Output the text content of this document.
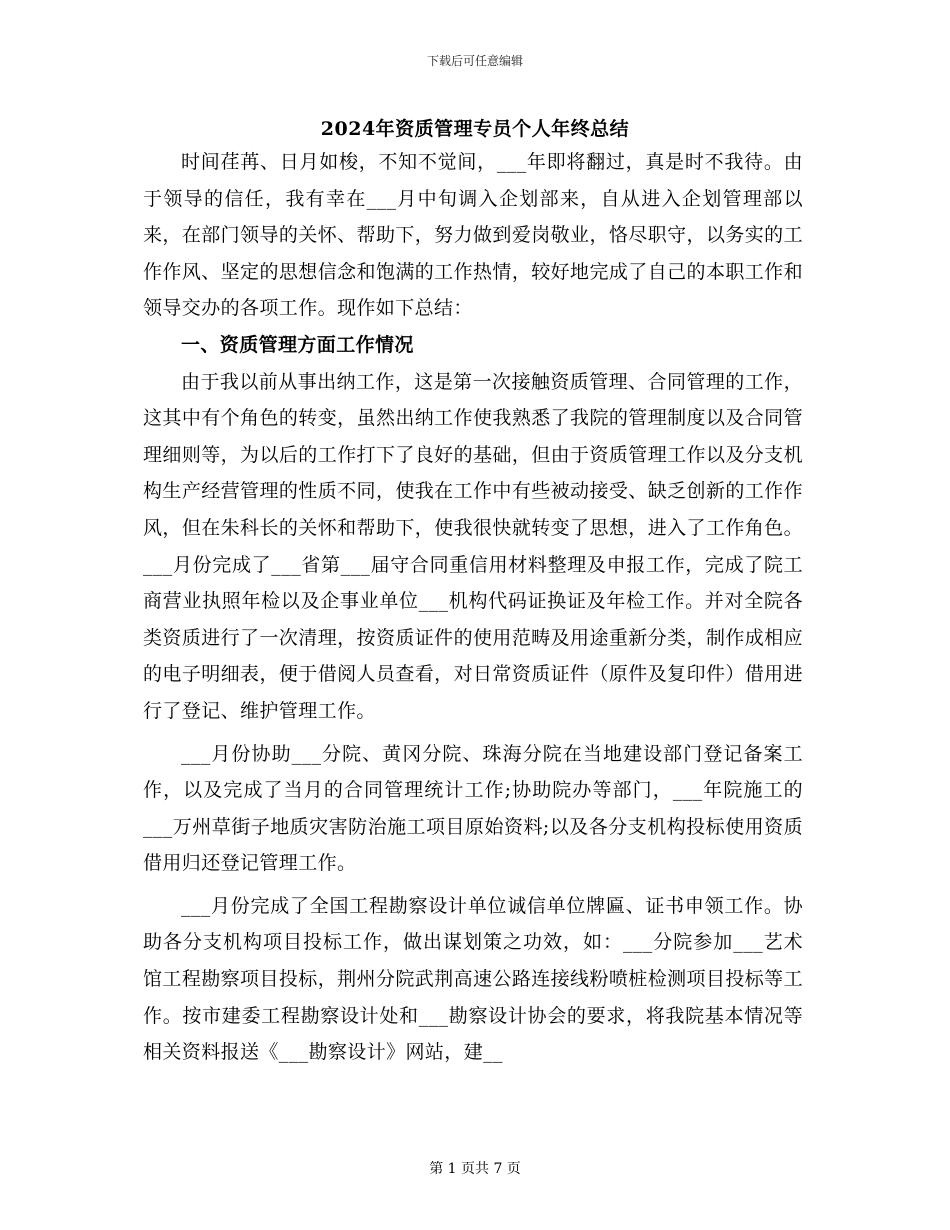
下载后可任意编辑
2024年资质管理专员个人年终总结

时间荏苒、日月如梭，不知不觉间，___年即将翻过，真是时不我待。由于领导的信任，我有幸在___月中旬调入企划部来，自从进入企划管理部以来，在部门领导的关怀、帮助下，努力做到爱岗敬业，恪尽职守，以务实的工作作风、坚定的思想信念和饱满的工作热情，较好地完成了自己的本职工作和领导交办的各项工作。现作如下总结：

一、资质管理方面工作情况

由于我以前从事出纳工作，这是第一次接触资质管理、合同管理的工作，这其中有个角色的转变，虽然出纳工作使我熟悉了我院的管理制度以及合同管理细则等，为以后的工作打下了良好的基础，但由于资质管理工作以及分支机构生产经营管理的性质不同，使我在工作中有些被动接受、缺乏创新的工作作风，但在朱科长的关怀和帮助下，使我很快就转变了思想，进入了工作角色。___月份完成了___省第___届守合同重信用材料整理及申报工作，完成了院工商营业执照年检以及企事业单位___机构代码证换证及年检工作。并对全院各类资质进行了一次清理，按资质证件的使用范畴及用途重新分类，制作成相应的电子明细表，便于借阅人员查看，对日常资质证件（原件及复印件）借用进行了登记、维护管理工作。

___月份协助___分院、黄冈分院、珠海分院在当地建设部门登记备案工作，以及完成了当月的合同管理统计工作;协助院办等部门，___年院施工的___万州草街子地质灾害防治施工项目原始资料;以及各分支机构投标使用资质借用归还登记管理工作。

___月份完成了全国工程勘察设计单位诚信单位牌匾、证书申领工作。协助各分支机构项目投标工作，做出谋划策之功效，如：___分院参加___艺术馆工程勘察项目投标，荆州分院武荆高速公路连接线粉喷桩检测项目投标等工作。按市建委工程勘察设计处和___勘察设计协会的要求，将我院基本情况等相关资料报送《___勘察设计》网站，建__

第 1 页共 7 页
